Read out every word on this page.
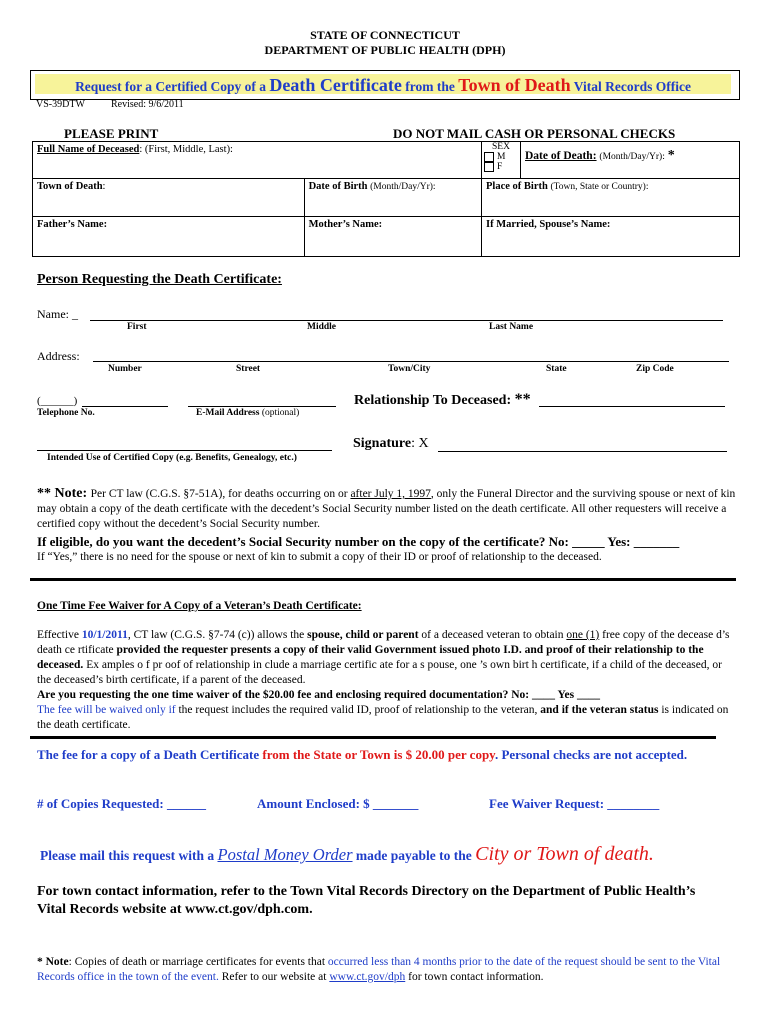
STATE OF CONNECTICUT
DEPARTMENT OF PUBLIC HEALTH (DPH)
Request for a Certified Copy of a Death Certificate from the Town of Death Vital Records Office
VS-39DTW	Revised: 9/6/2011
PLEASE PRINT	DO NOT MAIL CASH OR PERSONAL CHECKS
Full Name of Deceased: (First, Middle, Last):		SEX
M
F	Date of Death: (Month/Day/Yr): *
Town of Death:	Date of Birth (Month/Day/Yr):	Place of Birth (Town, State or Country):	
Father’s Name:	Mother’s Name:	If Married, Spouse’s Name:	
Person Requesting the Death Certificate:
Name: _
First	Middle	Last Name
Address:
Number	Street	Town/City	State	Zip Code
(______)
Telephone No.	E-Mail Address (optional)
Relationship To Deceased: **
Intended Use of Certified Copy (e.g. Benefits, Genealogy, etc.)
Signature: X
** Note: Per CT law (C.G.S. §7-51A), for deaths occurring on or after July 1, 1997, only the Funeral Director and the surviving spouse or next of kin may obtain a copy of the death certificate with the decedent’s Social Security number listed on the death certificate. All other requesters will receive a certified copy without the decedent’s Social Security number.
If eligible, do you want the decedent’s Social Security number on the copy of the certificate? No: _____ Yes: _______
If “Yes,” there is no need for the spouse or next of kin to submit a copy of their ID or proof of relationship to the deceased.
One Time Fee Waiver for A Copy of a Veteran’s Death Certificate:
Effective 10/1/2011, CT law (C.G.S. §7-74 (c)) allows the spouse, child or parent of a deceased veteran to obtain one (1) free copy of the decease d’s death ce rtificate provided the requester presents a copy of their valid Government issued photo I.D. and proof of their relationship to the deceased. Ex amples o f pr oof of relationship in clude a marriage certific ate for a s pouse, one ’s own birt h certificate, if a child of the deceased, or the deceased’s birth certificate, if a parent of the deceased.
Are you requesting the one time waiver of the $20.00 fee and enclosing required documentation? No: ____ Yes ____
The fee will be waived only if the request includes the required valid ID, proof of relationship to the veteran, and if the veteran status is indicated on the death certificate.
The fee for a copy of a Death Certificate from the State or Town is $ 20.00 per copy. Personal checks are not accepted.
# of Copies Requested: ______	Amount Enclosed: $ _______	Fee Waiver Request: ________
Please mail this request with a Postal Money Order made payable to the City or Town of death.
For town contact information, refer to the Town Vital Records Directory on the Department of Public Health’s Vital Records website at www.ct.gov/dph.com.
* Note: Copies of death or marriage certificates for events that occurred less than 4 months prior to the date of the request should be sent to the Vital Records office in the town of the event. Refer to our website at www.ct.gov/dph for town contact information.
